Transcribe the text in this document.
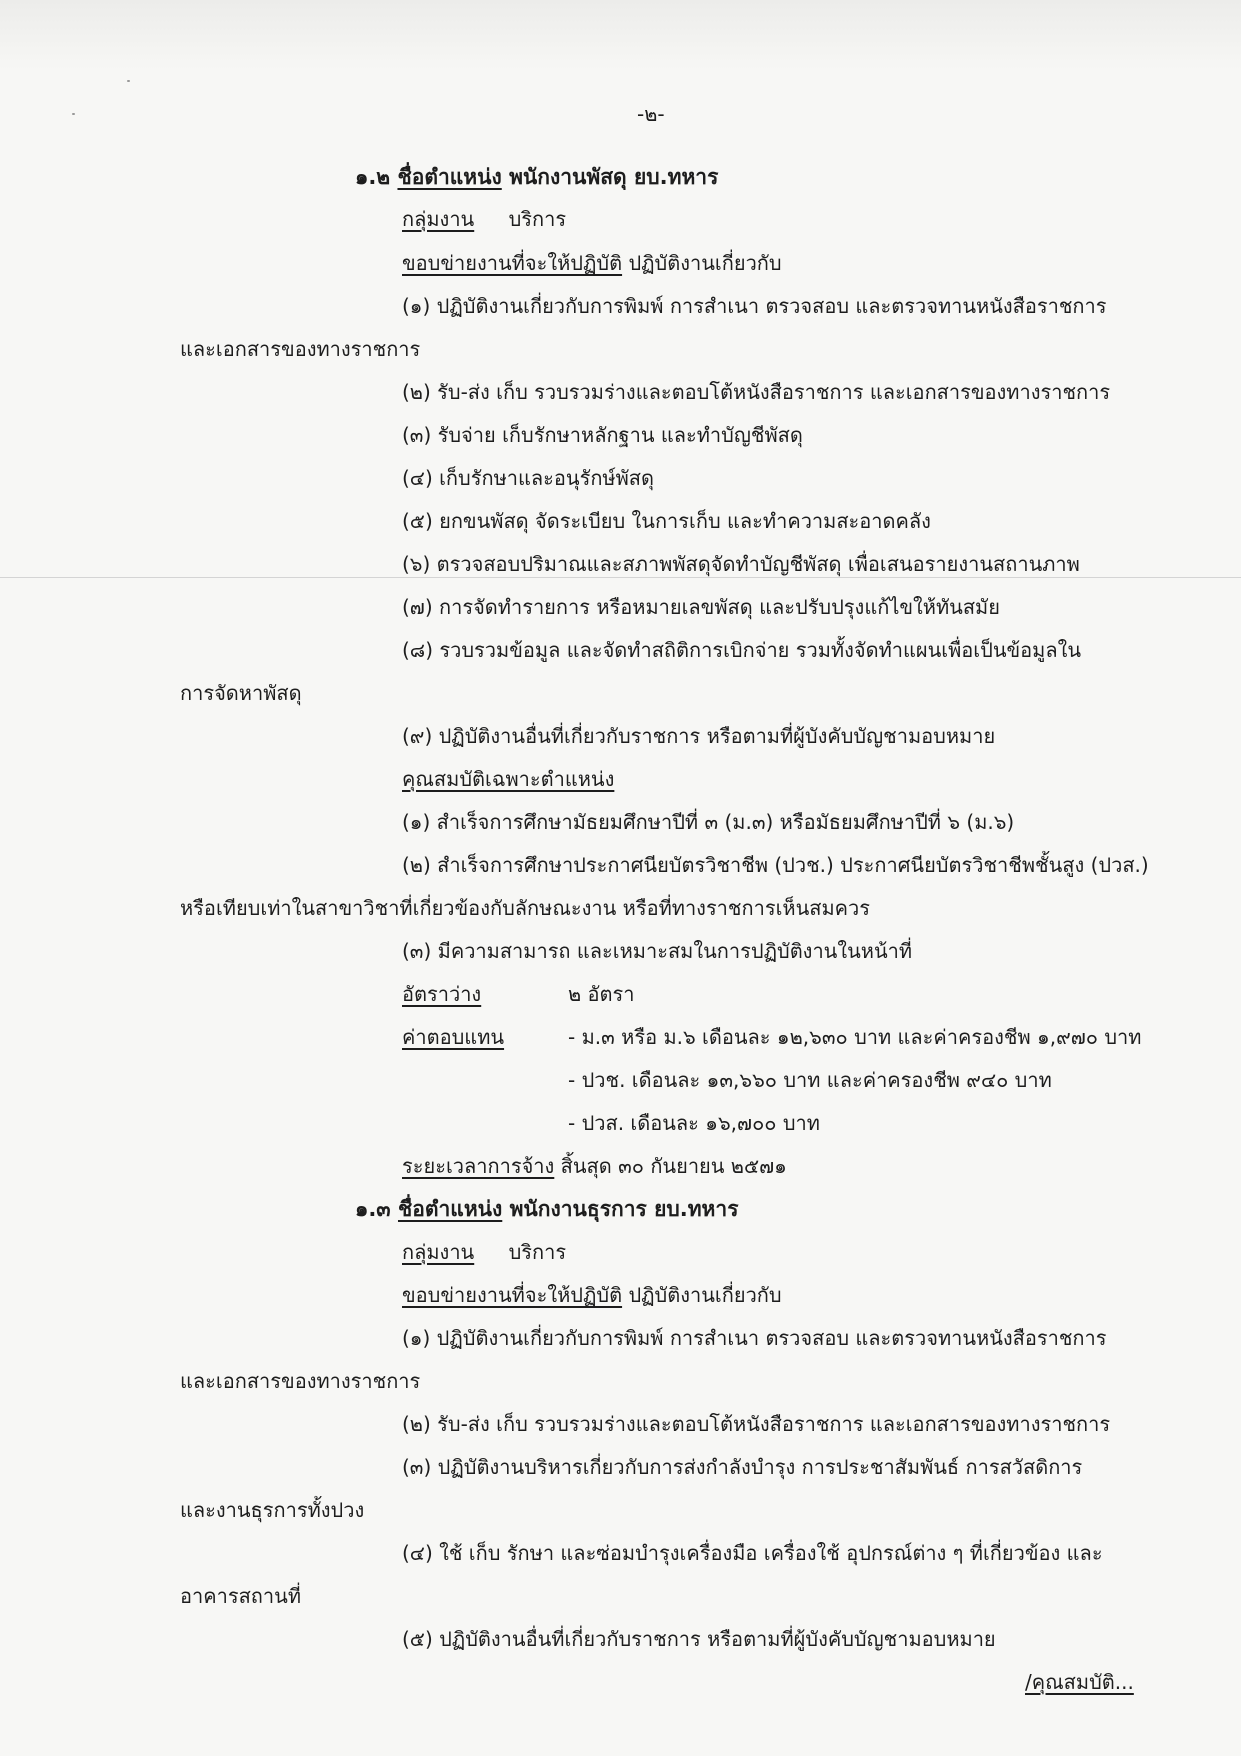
-๒-
๑.๒ ชื่อตำแหน่ง พนักงานพัสดุ ยบ.ทหาร
กลุ่มงาน บริการ
ขอบข่ายงานที่จะให้ปฏิบัติ ปฏิบัติงานเกี่ยวกับ
(๑) ปฏิบัติงานเกี่ยวกับการพิมพ์ การสำเนา ตรวจสอบ และตรวจทานหนังสือราชการ
และเอกสารของทางราชการ
(๒) รับ-ส่ง เก็บ รวบรวมร่างและตอบโต้หนังสือราชการ และเอกสารของทางราชการ
(๓) รับจ่าย เก็บรักษาหลักฐาน และทำบัญชีพัสดุ
(๔) เก็บรักษาและอนุรักษ์พัสดุ
(๕) ยกขนพัสดุ จัดระเบียบ ในการเก็บ และทำความสะอาดคลัง
(๖) ตรวจสอบปริมาณและสภาพพัสดุจัดทำบัญชีพัสดุ เพื่อเสนอรายงานสถานภาพ
(๗) การจัดทำรายการ หรือหมายเลขพัสดุ และปรับปรุงแก้ไขให้ทันสมัย
(๘) รวบรวมข้อมูล และจัดทำสถิติการเบิกจ่าย รวมทั้งจัดทำแผนเพื่อเป็นข้อมูลใน
การจัดหาพัสดุ
(๙) ปฏิบัติงานอื่นที่เกี่ยวกับราชการ หรือตามที่ผู้บังคับบัญชามอบหมาย
คุณสมบัติเฉพาะตำแหน่ง
(๑) สำเร็จการศึกษามัธยมศึกษาปีที่ ๓ (ม.๓) หรือมัธยมศึกษาปีที่ ๖ (ม.๖)
(๒) สำเร็จการศึกษาประกาศนียบัตรวิชาชีพ (ปวช.) ประกาศนียบัตรวิชาชีพชั้นสูง (ปวส.)
หรือเทียบเท่าในสาขาวิชาที่เกี่ยวข้องกับลักษณะงาน หรือที่ทางราชการเห็นสมควร
(๓) มีความสามารถ และเหมาะสมในการปฏิบัติงานในหน้าที่
อัตราว่าง	๒ อัตรา
ค่าตอบแทน	- ม.๓ หรือ ม.๖ เดือนละ ๑๒,๖๓๐ บาท และค่าครองชีพ ๑,๙๗๐ บาท
- ปวช. เดือนละ ๑๓,๖๖๐ บาท และค่าครองชีพ ๙๔๐ บาท
- ปวส. เดือนละ ๑๖,๗๐๐ บาท
ระยะเวลาการจ้าง สิ้นสุด ๓๐ กันยายน ๒๕๗๑
๑.๓ ชื่อตำแหน่ง พนักงานธุรการ ยบ.ทหาร
กลุ่มงาน บริการ
ขอบข่ายงานที่จะให้ปฏิบัติ ปฏิบัติงานเกี่ยวกับ
(๑) ปฏิบัติงานเกี่ยวกับการพิมพ์ การสำเนา ตรวจสอบ และตรวจทานหนังสือราชการ
และเอกสารของทางราชการ
(๒) รับ-ส่ง เก็บ รวบรวมร่างและตอบโต้หนังสือราชการ และเอกสารของทางราชการ
(๓) ปฏิบัติงานบริหารเกี่ยวกับการส่งกำลังบำรุง การประชาสัมพันธ์ การสวัสดิการ
และงานธุรการทั้งปวง
(๔) ใช้ เก็บ รักษา และซ่อมบำรุงเครื่องมือ เครื่องใช้ อุปกรณ์ต่าง ๆ ที่เกี่ยวข้อง และ
อาคารสถานที่
(๕) ปฏิบัติงานอื่นที่เกี่ยวกับราชการ หรือตามที่ผู้บังคับบัญชามอบหมาย
/คุณสมบัติ...
